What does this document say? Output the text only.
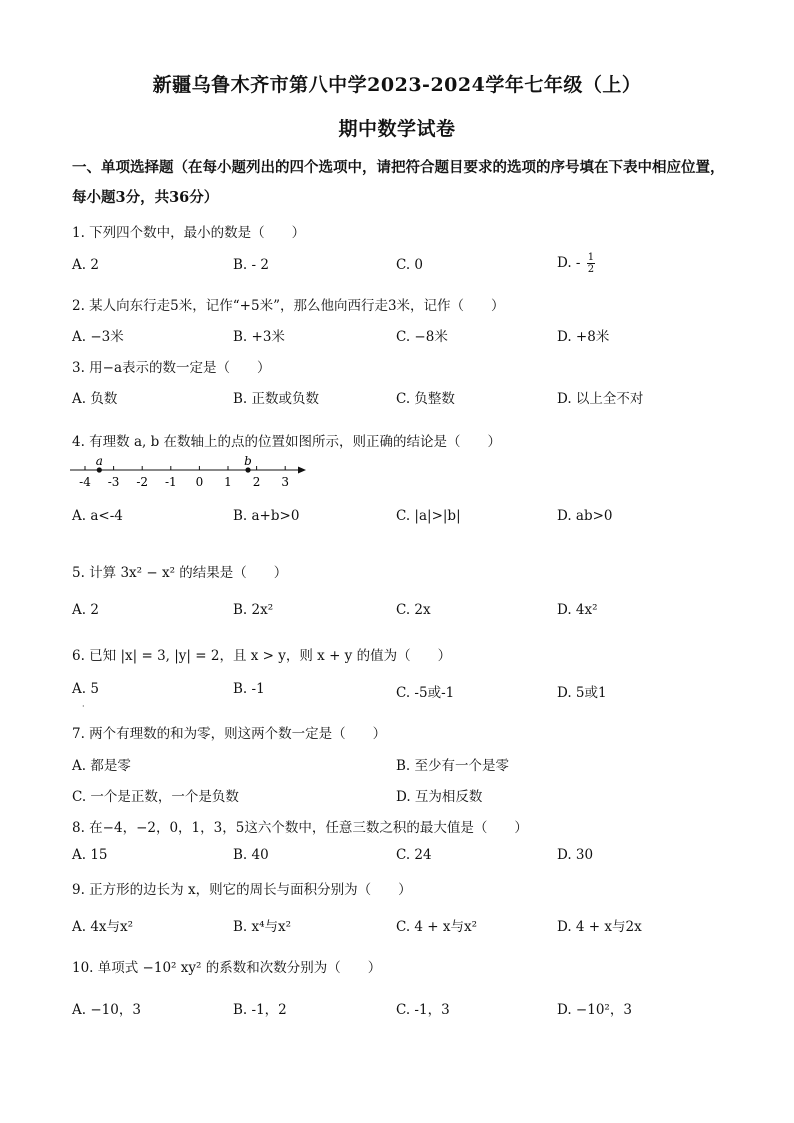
新疆乌鲁木齐市第八中学2023-2024学年七年级（上）
期中数学试卷
一、单项选择题（在每小题列出的四个选项中，请把符合题目要求的选项的序号填在下表中相应位置，每小题3分，共36分）
1. 下列四个数中，最小的数是（　　）
A. 2	B. - 2	C. 0	D. - $\frac{1}{2}$
2. 某人向东行走5米，记作“+5米”，那么他向西行走3米，记作（　　）
A. −3米	B. +3米	C. −8米	D. +8米
3. 用−a表示的数一定是（　　）
A. 负数	B. 正数或负数	C. 负整数	D. 以上全不对
4. 有理数 a, b 在数轴上的点的位置如图所示，则正确的结论是（　　）
-4 -3 -2 -1 0 1 2 3
a	b
A. a<-4	B. a+b>0	C. |a|>|b|	D. ab>0
5. 计算 3x² − x² 的结果是（　　）
A. 2	B. 2x²	C. 2x	D. 4x²
6. 已知 |x| = 3, |y| = 2，且 x > y，则 x + y 的值为（　　）
A. 5	B. -1	C. -5或-1	D. 5或1
·
7. 两个有理数的和为零，则这两个数一定是（　　）
A. 都是零	B. 至少有一个是零
C. 一个是正数，一个是负数	D. 互为相反数
8. 在−4，−2，0，1，3，5这六个数中，任意三数之积的最大值是（　　）
A. 15	B. 40	C. 24	D. 30
9. 正方形的边长为 x，则它的周长与面积分别为（　　）
A. 4x与x²	B. x⁴与x²	C. 4 + x与x²	D. 4 + x与2x
10. 单项式 −10² xy² 的系数和次数分别为（　　）
A. −10，3	B. -1，2	C. -1，3	D. −10²，3
